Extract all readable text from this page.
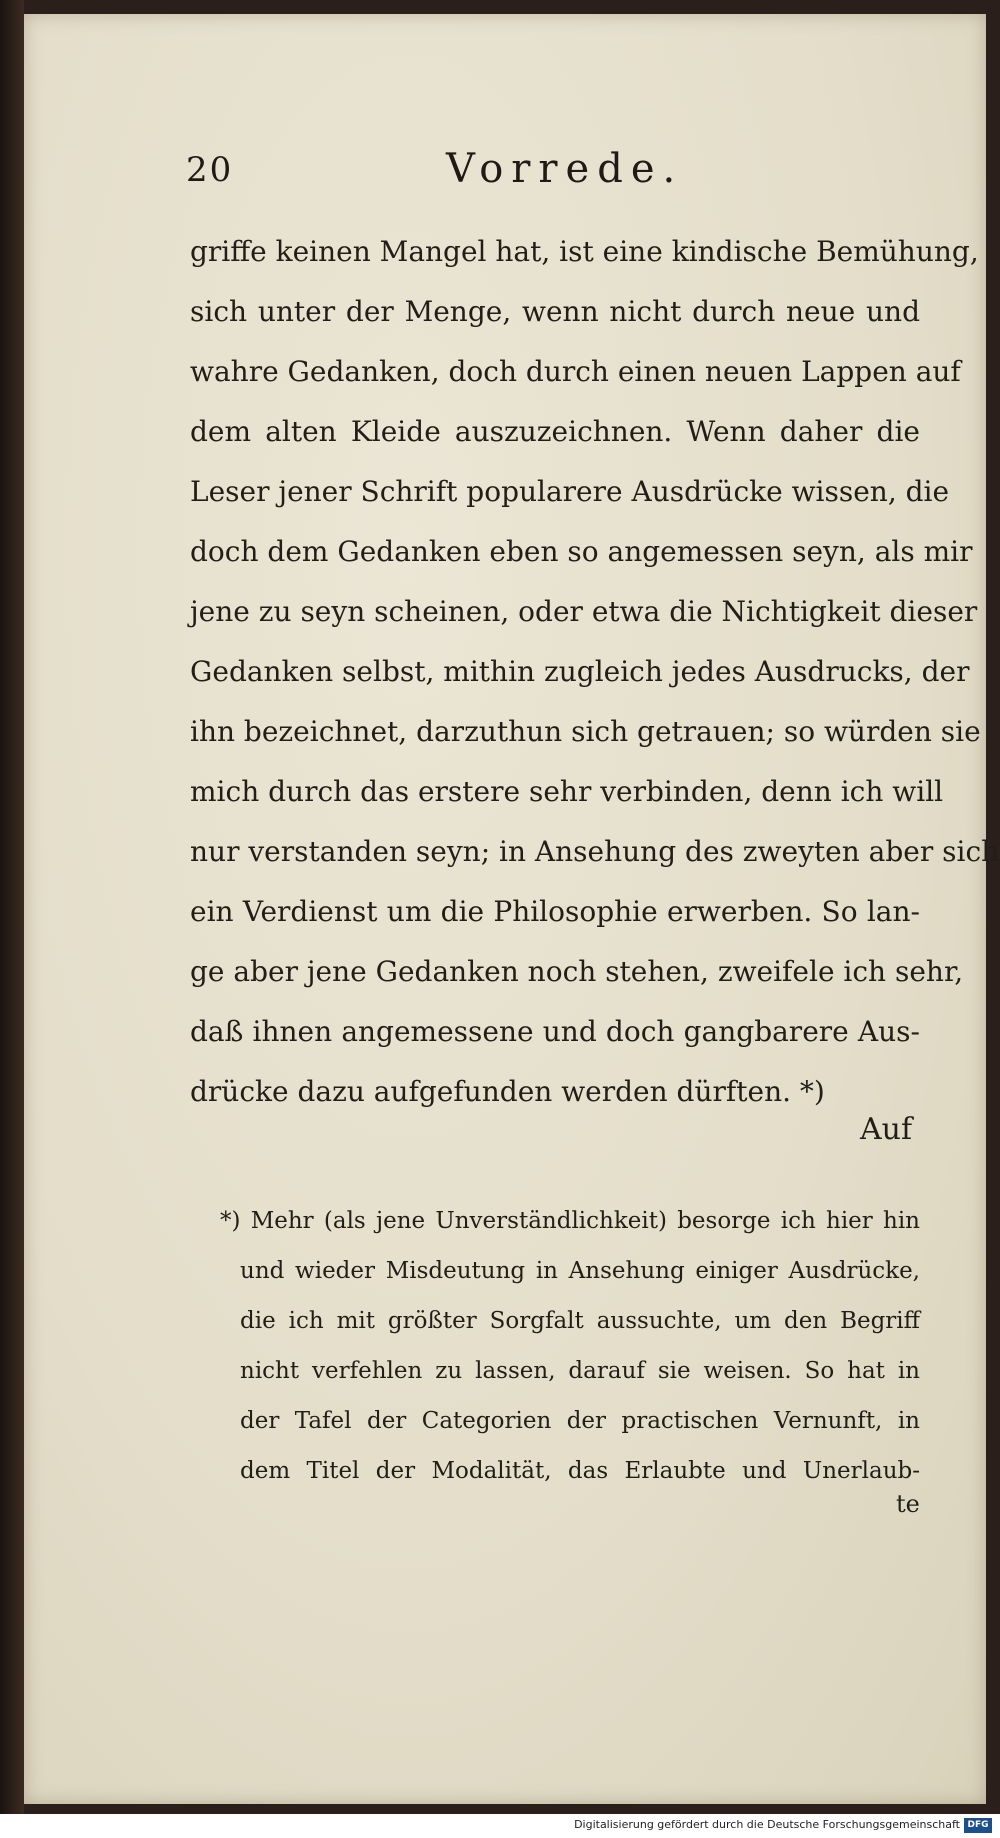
20	Vorrede.
griffe keinen Mangel hat, ist eine kindische Bemühung,
sich unter der Menge, wenn nicht durch neue und
wahre Gedanken, doch durch einen neuen Lappen auf
dem alten Kleide auszuzeichnen. Wenn daher die
Leser jener Schrift popularere Ausdrücke wissen, die
doch dem Gedanken eben so angemessen seyn, als mir
jene zu seyn scheinen, oder etwa die Nichtigkeit dieser
Gedanken selbst, mithin zugleich jedes Ausdrucks, der
ihn bezeichnet, darzuthun sich getrauen; so würden sie
mich durch das erstere sehr verbinden, denn ich will
nur verstanden seyn; in Ansehung des zweyten aber sich
ein Verdienst um die Philosophie erwerben. So lan-
ge aber jene Gedanken noch stehen, zweifele ich sehr,
daß ihnen angemessene und doch gangbarere Aus-
drücke dazu aufgefunden werden dürften. *)
Auf
*) Mehr (als jene Unverständlichkeit) besorge ich hier hin
und wieder Misdeutung in Ansehung einiger Ausdrücke,
die ich mit größter Sorgfalt aussuchte, um den Begriff
nicht verfehlen zu lassen, darauf sie weisen. So hat in
der Tafel der Categorien der practischen Vernunft, in
dem Titel der Modalität, das Erlaubte und Unerlaub-
te
Digitalisierung gefördert durch die Deutsche Forschungsgemeinschaft DFG
